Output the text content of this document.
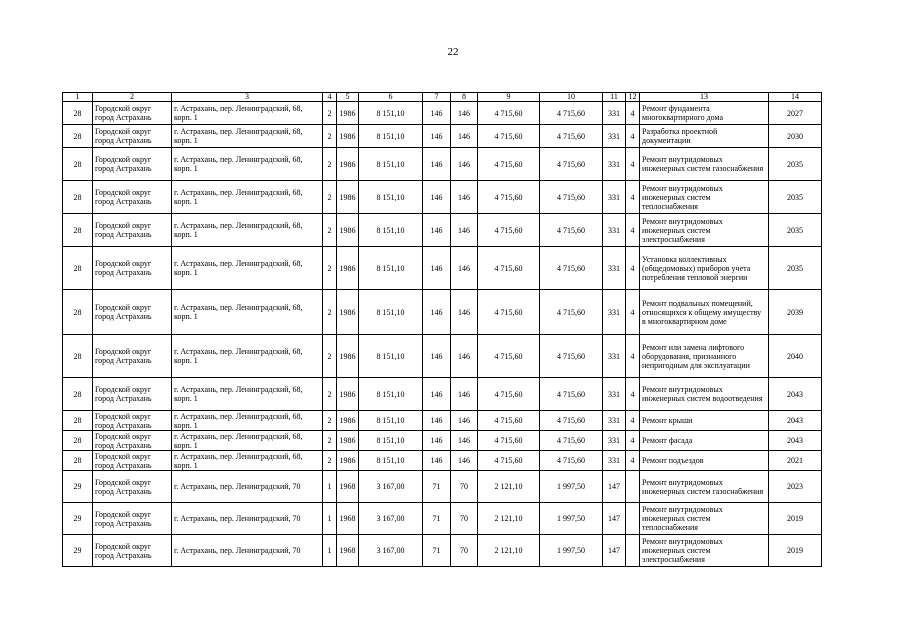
22
1	2	3	4	5	6	7	8	9	10	11	12	13	14
28	Городской округ город Астрахань	г. Астрахань, пер. Ленинградский, 68, корп. 1	2	1986	8 151,10	146	146	4 715,60	4 715,60	331	4	Ремонт фундамента многоквартирного дома	2027
28	Городской округ город Астрахань	г. Астрахань, пер. Ленинградский, 68, корп. 1	2	1986	8 151,10	146	146	4 715,60	4 715,60	331	4	Разработка проектной документации	2030
28	Городской округ город Астрахань	г. Астрахань, пер. Ленинградский, 68, корп. 1	2	1986	8 151,10	146	146	4 715,60	4 715,60	331	4	Ремонт внутридомовых инженерных систем газоснабжения	2035
28	Городской округ город Астрахань	г. Астрахань, пер. Ленинградский, 68, корп. 1	2	1986	8 151,10	146	146	4 715,60	4 715,60	331	4	Ремонт внутридомовых инженерных систем теплоснабжения	2035
28	Городской округ город Астрахань	г. Астрахань, пер. Ленинградский, 68, корп. 1	2	1986	8 151,10	146	146	4 715,60	4 715,60	331	4	Ремонт внутридомовых инженерных систем электроснабжения	2035
28	Городской округ город Астрахань	г. Астрахань, пер. Ленинградский, 68, корп. 1	2	1986	8 151,10	146	146	4 715,60	4 715,60	331	4	Установка коллективных (общедомовых) приборов учета потребления тепловой энергии	2035
28	Городской округ город Астрахань	г. Астрахань, пер. Ленинградский, 68, корп. 1	2	1986	8 151,10	146	146	4 715,60	4 715,60	331	4	Ремонт подвальных помещений, относящихся к общему имуществу в многоквартирном доме	2039
28	Городской округ город Астрахань	г. Астрахань, пер. Ленинградский, 68, корп. 1	2	1986	8 151,10	146	146	4 715,60	4 715,60	331	4	Ремонт или замена лифтового оборудования, признанного непригодным для эксплуатации	2040
28	Городской округ город Астрахань	г. Астрахань, пер. Ленинградский, 68, корп. 1	2	1986	8 151,10	146	146	4 715,60	4 715,60	331	4	Ремонт внутридомовых инженерных систем водоотведения	2043
28	Городской округ город Астрахань	г. Астрахань, пер. Ленинградский, 68, корп. 1	2	1986	8 151,10	146	146	4 715,60	4 715,60	331	4	Ремонт крыши	2043
28	Городской округ город Астрахань	г. Астрахань, пер. Ленинградский, 68, корп. 1	2	1986	8 151,10	146	146	4 715,60	4 715,60	331	4	Ремонт фасада	2043
28	Городской округ город Астрахань	г. Астрахань, пер. Ленинградский, 68, корп. 1	2	1986	8 151,10	146	146	4 715,60	4 715,60	331	4	Ремонт подъездов	2021
29	Городской округ город Астрахань	г. Астрахань, пер. Ленинградский, 70	1	1968	3 167,00	71	70	2 121,10	1 997,50	147		Ремонт внутридомовых инженерных систем газоснабжения	2023
29	Городской округ город Астрахань	г. Астрахань, пер. Ленинградский, 70	1	1968	3 167,00	71	70	2 121,10	1 997,50	147		Ремонт внутридомовых инженерных систем теплоснабжения	2019
29	Городской округ город Астрахань	г. Астрахань, пер. Ленинградский, 70	1	1968	3 167,00	71	70	2 121,10	1 997,50	147		Ремонт внутридомовых инженерных систем электроснабжения	2019
